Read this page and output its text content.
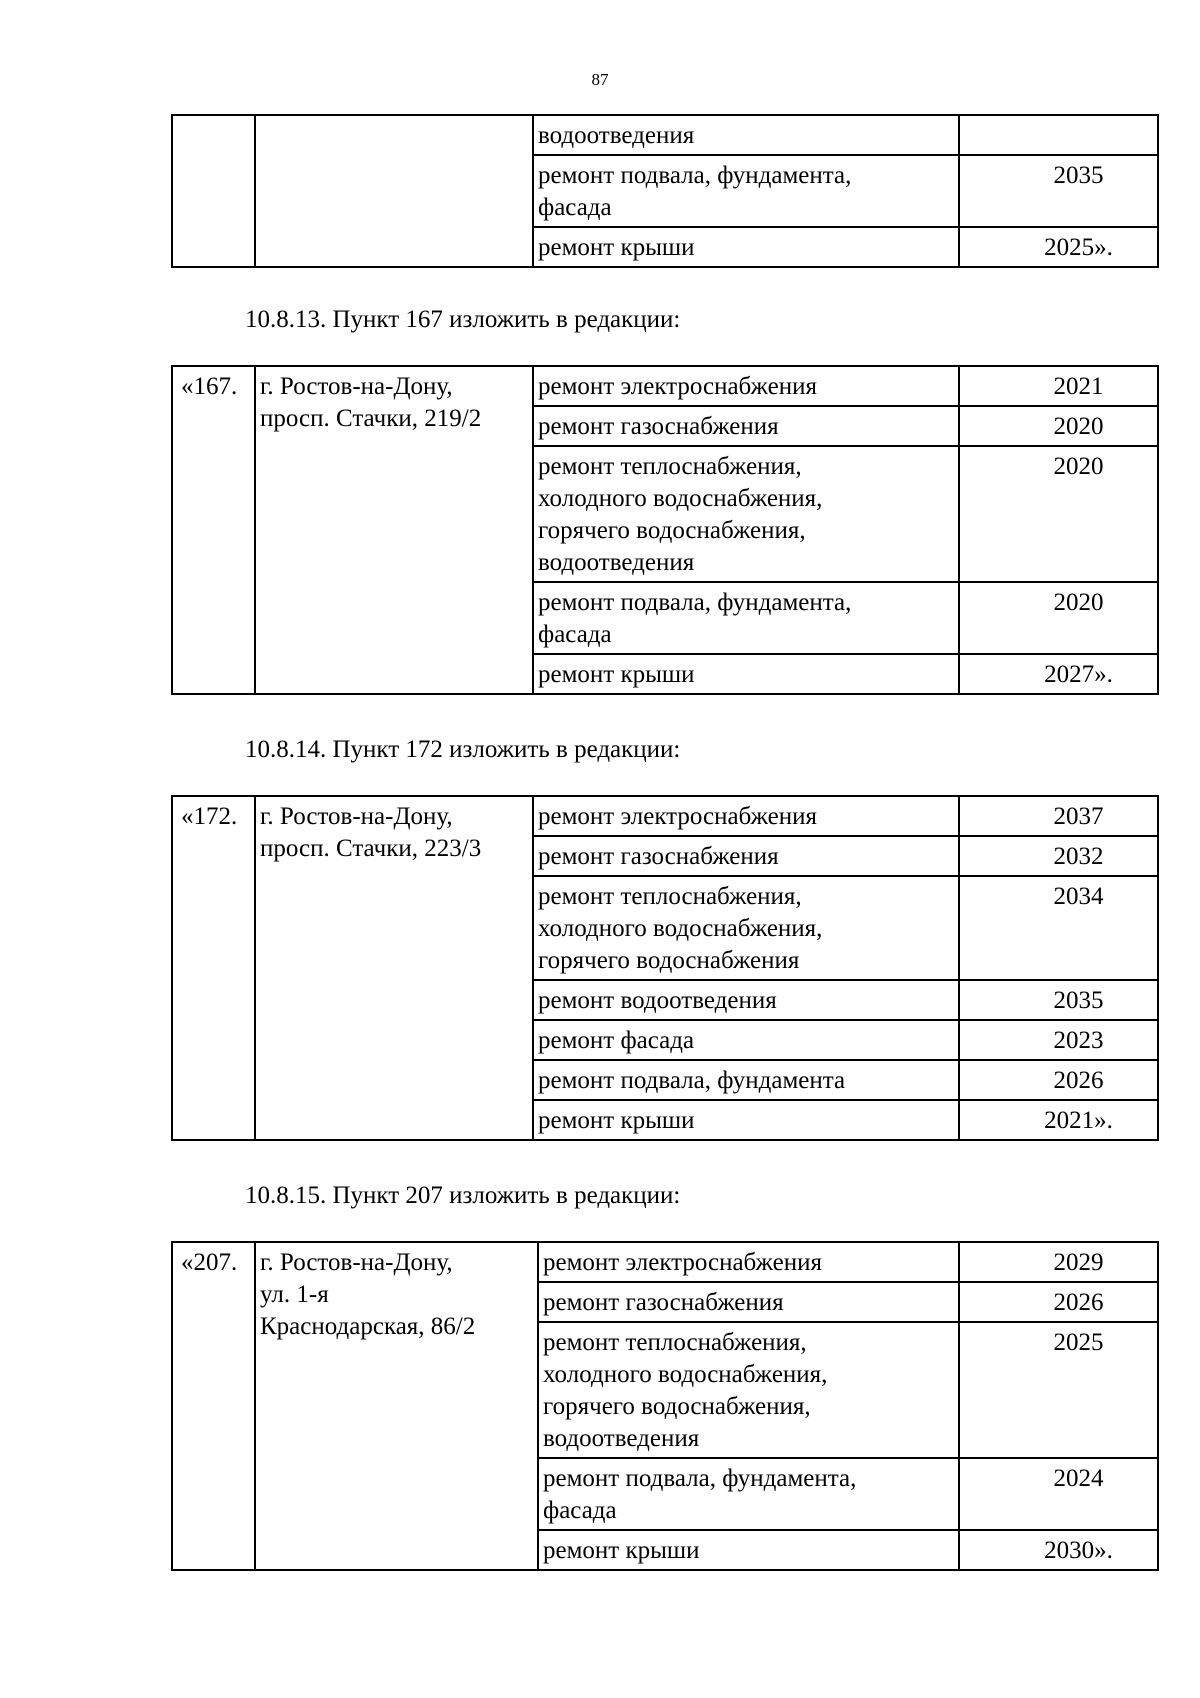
87

		водоотведения	

		ремонт подвала, фундамента,
фасада	2035

		ремонт крыши	2025».
10.8.13. Пункт 167 изложить в редакции:
«167.	г. Ростов-на-Дону,
просп. Стачки, 219/2	ремонт электроснабжения	2021

		ремонт газоснабжения	2020

		ремонт теплоснабжения,
холодного водоснабжения,
горячего водоснабжения,
водоотведения	2020

		ремонт подвала, фундамента,
фасада	2020

		ремонт крыши	2027».
10.8.14. Пункт 172 изложить в редакции:
«172.	г. Ростов-на-Дону,
просп. Стачки, 223/3	ремонт электроснабжения	2037

		ремонт газоснабжения	2032

		ремонт теплоснабжения,
холодного водоснабжения,
горячего водоснабжения	2034

		ремонт водоотведения	2035

		ремонт фасада	2023

		ремонт подвала, фундамента	2026

		ремонт крыши	2021».
10.8.15. Пункт 207 изложить в редакции:
«207.	г. Ростов-на-Дону,
ул. 1-я
Краснодарская, 86/2	ремонт электроснабжения	2029

		ремонт газоснабжения	2026

		ремонт теплоснабжения,
холодного водоснабжения,
горячего водоснабжения,
водоотведения	2025

		ремонт подвала, фундамента,
фасада	2024

		ремонт крыши	2030».
